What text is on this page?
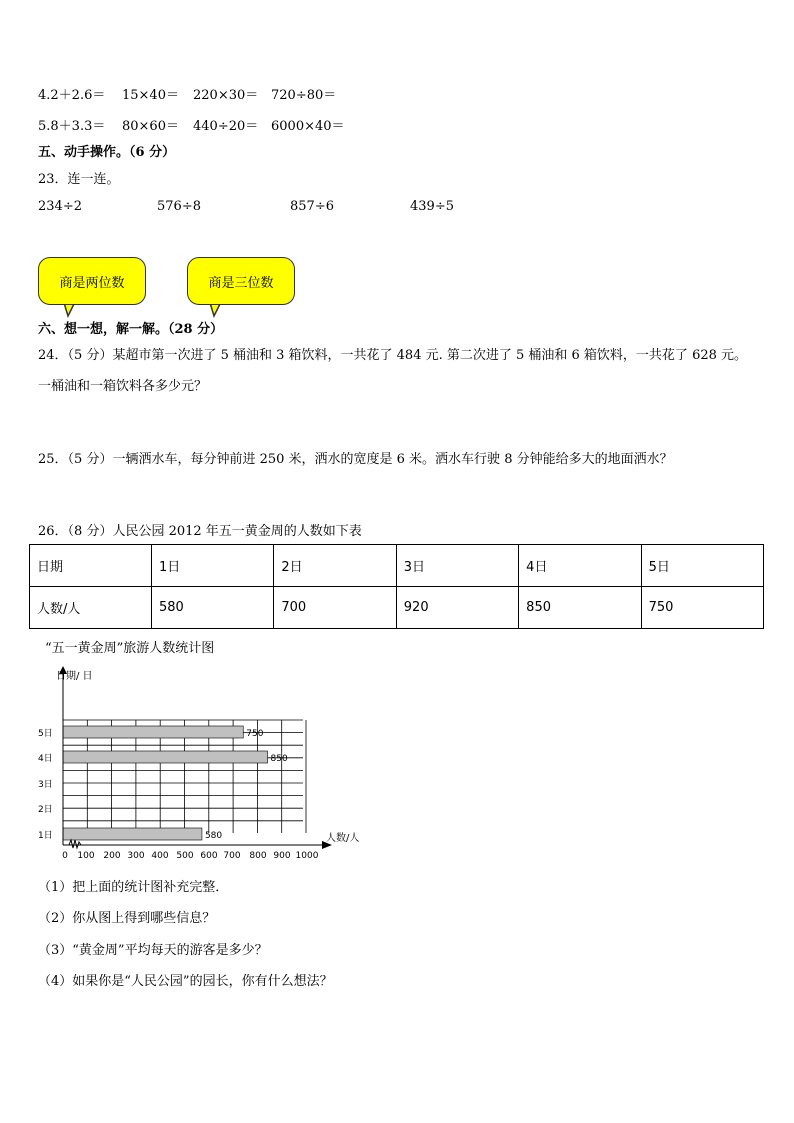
4.2＋2.6＝ 15×40＝ 220×30＝ 720÷80＝
5.8＋3.3＝ 80×60＝ 440÷20＝ 6000×40＝
五、动手操作。（6 分）
23．连一连。
234÷2	576÷8	857÷6	439÷5
商是两位数	商是三位数
六、想一想，解一解。（28 分）
24．（5 分）某超市第一次进了 5 桶油和 3 箱饮料，一共花了 484 元. 第二次进了 5 桶油和 6 箱饮料，一共花了 628 元。
一桶油和一箱饮料各多少元？
25．（5 分）一辆洒水车，每分钟前进 250 米，洒水的宽度是 6 米。洒水车行驶 8 分钟能给多大的地面洒水？
26．（8 分）人民公园 2012 年五一黄金周的人数如下表
日期	1日	2日	3日	4日	5日
人数/人	580	700	920	850	750
“五一黄金周”旅游人数统计图
580
850
750
日期/ 日
人数/人
1日
2日
3日
4日
5日
0 100 200 300 400 500 600 700 800 900 1000
（1）把上面的统计图补充完整．
（2）你从图上得到哪些信息？
（3）“黄金周”平均每天的游客是多少？
（4）如果你是“人民公园”的园长，你有什么想法？
